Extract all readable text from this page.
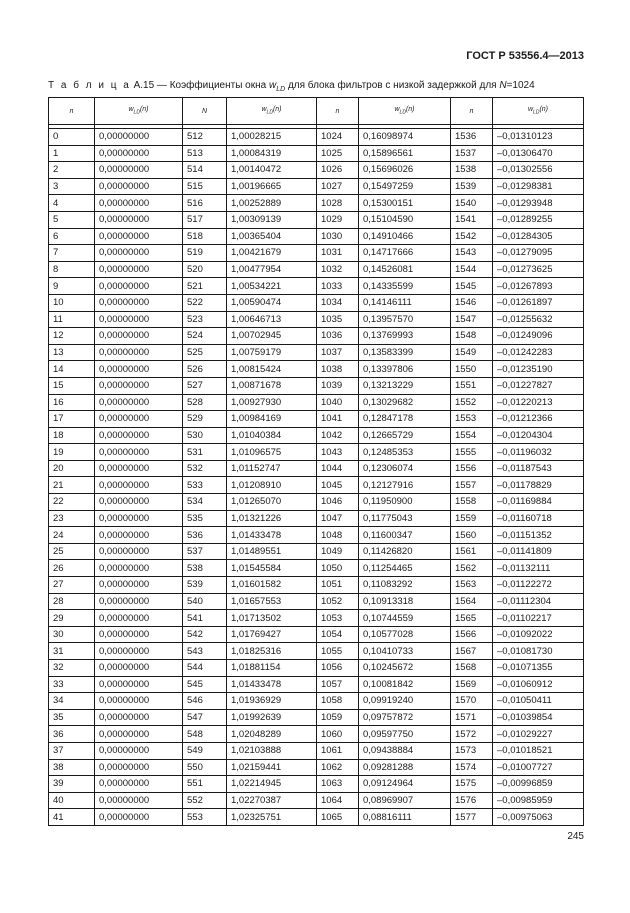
ГОСТ Р 53556.4—2013
Т а б л и ц а А.15 — Коэффициенты окна $w_{LD}$ для блока фильтров с низкой задержкой для N=1024
n	$w_{LD}(n)$	N	$w_{LD}(n)$	n	$w_{LD}(n)$	n	$w_{LD}(n)$

0	0,00000000	512	1,00028215	1024	0,16098974	1536	–0,01310123
1	0,00000000	513	1,00084319	1025	0,15896561	1537	–0,01306470
2	0,00000000	514	1,00140472	1026	0,15696026	1538	–0,01302556
3	0,00000000	515	1,00196665	1027	0,15497259	1539	–0,01298381
4	0,00000000	516	1,00252889	1028	0,15300151	1540	–0,01293948
5	0,00000000	517	1,00309139	1029	0,15104590	1541	–0,01289255
6	0,00000000	518	1,00365404	1030	0,14910466	1542	–0,01284305
7	0,00000000	519	1,00421679	1031	0,14717666	1543	–0,01279095
8	0,00000000	520	1,00477954	1032	0,14526081	1544	–0,01273625
9	0,00000000	521	1,00534221	1033	0,14335599	1545	–0,01267893
10	0,00000000	522	1,00590474	1034	0,14146111	1546	–0,01261897
11	0,00000000	523	1,00646713	1035	0,13957570	1547	–0,01255632
12	0,00000000	524	1,00702945	1036	0,13769993	1548	–0,01249096
13	0,00000000	525	1,00759179	1037	0,13583399	1549	–0,01242283
14	0,00000000	526	1,00815424	1038	0,13397806	1550	–0,01235190
15	0,00000000	527	1,00871678	1039	0,13213229	1551	–0,01227827
16	0,00000000	528	1,00927930	1040	0,13029682	1552	–0,01220213
17	0,00000000	529	1,00984169	1041	0,12847178	1553	–0,01212366
18	0,00000000	530	1,01040384	1042	0,12665729	1554	–0,01204304
19	0,00000000	531	1,01096575	1043	0,12485353	1555	–0,01196032
20	0,00000000	532	1,01152747	1044	0,12306074	1556	–0,01187543
21	0,00000000	533	1,01208910	1045	0,12127916	1557	–0,01178829
22	0,00000000	534	1,01265070	1046	0,11950900	1558	–0,01169884
23	0,00000000	535	1,01321226	1047	0,11775043	1559	–0,01160718
24	0,00000000	536	1,01433478	1048	0,11600347	1560	–0,01151352
25	0,00000000	537	1,01489551	1049	0,11426820	1561	–0,01141809
26	0,00000000	538	1,01545584	1050	0,11254465	1562	–0,01132111
27	0,00000000	539	1,01601582	1051	0,11083292	1563	–0,01122272
28	0,00000000	540	1,01657553	1052	0,10913318	1564	–0,01112304
29	0,00000000	541	1,01713502	1053	0,10744559	1565	–0,01102217
30	0,00000000	542	1,01769427	1054	0,10577028	1566	–0,01092022
31	0,00000000	543	1,01825316	1055	0,10410733	1567	–0,01081730
32	0,00000000	544	1,01881154	1056	0,10245672	1568	–0,01071355
33	0,00000000	545	1,01433478	1057	0,10081842	1569	–0,01060912
34	0,00000000	546	1,01936929	1058	0,09919240	1570	–0,01050411
35	0,00000000	547	1,01992639	1059	0,09757872	1571	–0,01039854
36	0,00000000	548	1,02048289	1060	0,09597750	1572	–0,01029227
37	0,00000000	549	1,02103888	1061	0,09438884	1573	–0,01018521
38	0,00000000	550	1,02159441	1062	0,09281288	1574	–0,01007727
39	0,00000000	551	1,02214945	1063	0,09124964	1575	–0,00996859
40	0,00000000	552	1,02270387	1064	0,08969907	1576	–0,00985959
41	0,00000000	553	1,02325751	1065	0,08816111	1577	–0,00975063
245
